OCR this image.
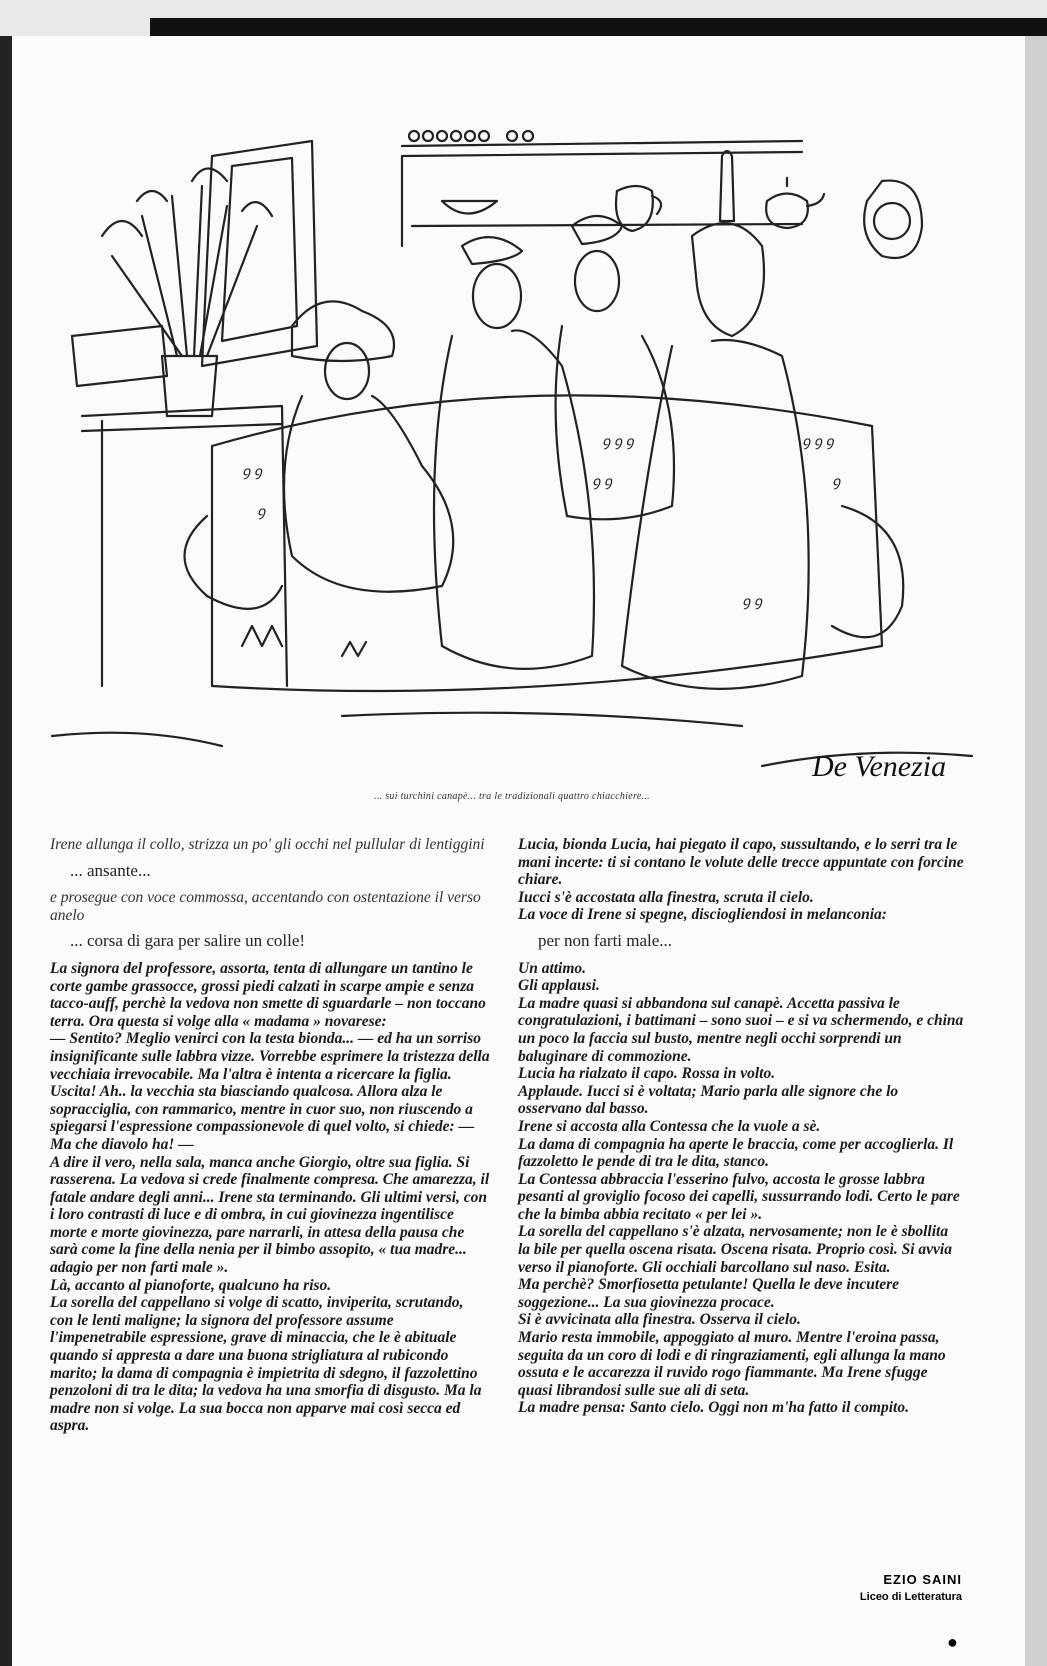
ꝯ ꝯ
ꝯ
ꝯ ꝯ ꝯ
ꝯ ꝯ
ꝯ ꝯ ꝯ
ꝯ
ꝯ ꝯ
De Venezia
... sui turchini canapè... tra le tradizionali quattro chiacchiere...

Irene allunga il collo, strizza un po' gli occhi nel pullular di lentiggini

... ansante...

e prosegue con voce commossa, accentando con ostentazione il verso anelo

... corsa di gara per salire un colle!

La signora del professore, assorta, tenta di allungare un tantino le corte gambe grassocce, grossi piedi calzati in scarpe ampie e senza tacco-auff, perchè la vedova non smette di sguardarle – non toccano terra. Ora questa si volge alla « madama » novarese:
— Sentito? Meglio venirci con la testa bionda... — ed ha un sorriso insignificante sulle labbra vizze. Vorrebbe esprimere la tristezza della vecchiaia irrevocabile. Ma l'altra è intenta a ricercare la figlia. Uscita! Ah.. la vecchia sta biasciando qualcosa. Allora alza le sopracciglia, con rammarico, mentre in cuor suo, non riuscendo a spiegarsi l'espressione compassionevole di quel volto, si chiede: — Ma che diavolo ha! —
A dire il vero, nella sala, manca anche Giorgio, oltre sua figlia. Si rasserena. La vedova si crede finalmente compresa. Che amarezza, il fatale andare degli anni... Irene sta terminando. Gli ultimi versi, con i loro contrasti di luce e di ombra, in cui giovinezza ingentilisce morte e morte giovinezza, pare narrarli, in attesa della pausa che sarà come la fine della nenia per il bimbo assopito, « tua madre... adagio per non farti male ».
Là, accanto al pianoforte, qualcuno ha riso.
La sorella del cappellano si volge di scatto, inviperita, scrutando, con le lenti maligne; la signora del professore assume l'impenetrabile espressione, grave di minaccia, che le è abituale quando si appresta a dare una buona strigliatura al rubicondo marito; la dama di compagnia è impietrita di sdegno, il fazzolettino penzoloni di tra le dita; la vedova ha una smorfia di disgusto. Ma la madre non si volge. La sua bocca non apparve mai così secca ed aspra.

Lucia, bionda Lucia, hai piegato il capo, sussultando, e lo serri tra le mani incerte: ti si contano le volute delle trecce appuntate con forcine chiare.
Iucci s'è accostata alla finestra, scruta il cielo.
La voce di Irene si spegne, disciogliendosi in melanconia:

per non farti male...

Un attimo.
Gli applausi.
La madre quasi si abbandona sul canapè. Accetta passiva le congratulazioni, i battimani – sono suoi – e si va schermendo, e china un poco la faccia sul busto, mentre negli occhi sorprendi un baluginare di commozione.
Lucia ha rialzato il capo. Rossa in volto.
Applaude. Iucci si è voltata; Mario parla alle signore che lo osservano dal basso.
Irene si accosta alla Contessa che la vuole a sè.
La dama di compagnia ha aperte le braccia, come per accoglierla. Il fazzoletto le pende di tra le dita, stanco.
La Contessa abbraccia l'esserino fulvo, accosta le grosse labbra pesanti al groviglio focoso dei capelli, sussurrando lodi. Certo le pare che la bimba abbia recitato « per lei ».
La sorella del cappellano s'è alzata, nervosamente; non le è sbollita la bile per quella oscena risata. Oscena risata. Proprio così. Si avvia verso il pianoforte. Gli occhiali barcollano sul naso. Esita.
Ma perchè? Smorfiosetta petulante! Quella le deve incutere soggezione... La sua giovinezza procace.
Si è avvicinata alla finestra. Osserva il cielo.
Mario resta immobile, appoggiato al muro. Mentre l'eroina passa, seguita da un coro di lodi e di ringraziamenti, egli allunga la mano ossuta e le accarezza il ruvido rogo fiammante. Ma Irene sfugge quasi librandosi sulle sue ali di seta.
La madre pensa: Santo cielo. Oggi non m'ha fatto il compito.

EZIO SAINI
Liceo di Letteratura
●
